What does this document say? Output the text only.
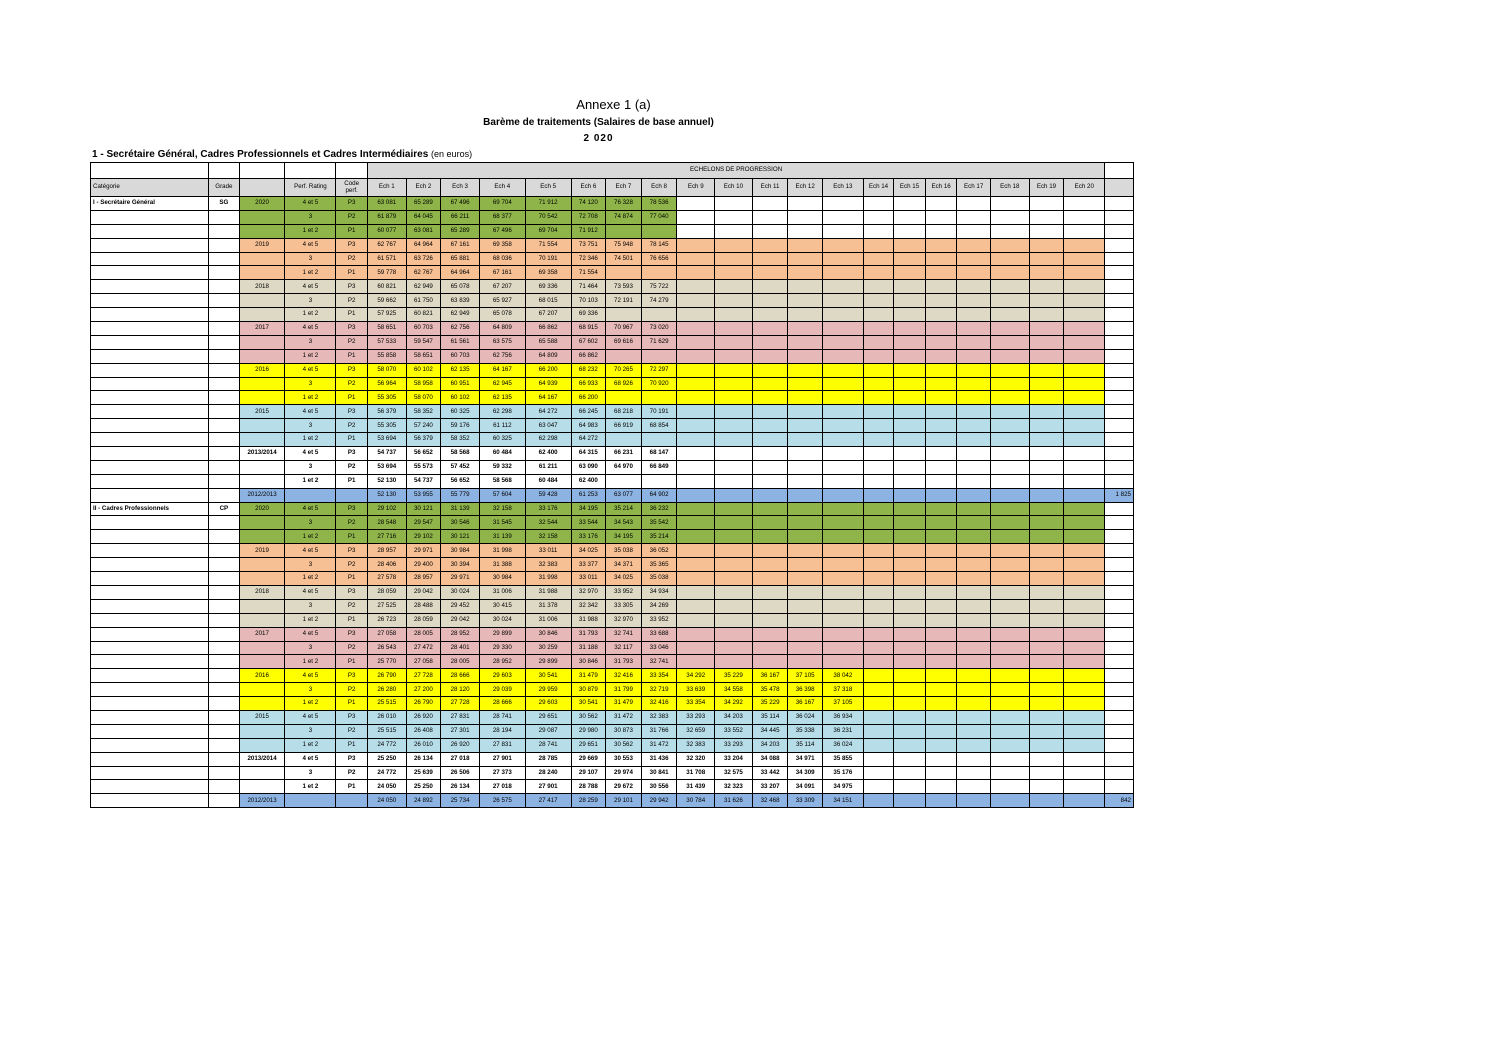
Annexe 1 (a)
Barème de traitements (Salaires de base annuel)
2 020
1 - Secrétaire Général, Cadres Professionnels et Cadres Intermédiaires (en euros)
					ECHELONS DE PROGRESSION																				
Catégorie	Grade		Perf. Rating	Code perf.	Ech 1	Ech 2	Ech 3	Ech 4	Ech 5	Ech 6	Ech 7	Ech 8	Ech 9	Ech 10	Ech 11	Ech 12	Ech 13	Ech 14	Ech 15	Ech 16	Ech 17	Ech 18	Ech 19	Ech 20	
I - Secrétaire Général	SG	2020	4 et 5	P3	63 081	65 289	67 496	69 704	71 912	74 120	76 328	78 536													
			3	P2	61 879	64 045	66 211	68 377	70 542	72 708	74 874	77 040													
			1 et 2	P1	60 077	63 081	65 289	67 496	69 704	71 912															
		2019	4 et 5	P3	62 767	64 964	67 161	69 358	71 554	73 751	75 948	78 145													
			3	P2	61 571	63 726	65 881	68 036	70 191	72 346	74 501	76 656													
			1 et 2	P1	59 778	62 767	64 964	67 161	69 358	71 554															
		2018	4 et 5	P3	60 821	62 949	65 078	67 207	69 336	71 464	73 593	75 722													
			3	P2	59 662	61 750	63 839	65 927	68 015	70 103	72 191	74 279													
			1 et 2	P1	57 925	60 821	62 949	65 078	67 207	69 336															
		2017	4 et 5	P3	58 651	60 703	62 756	64 809	66 862	68 915	70 967	73 020													
			3	P2	57 533	59 547	61 561	63 575	65 588	67 602	69 616	71 629													
			1 et 2	P1	55 858	58 651	60 703	62 756	64 809	66 862															
		2016	4 et 5	P3	58 070	60 102	62 135	64 167	66 200	68 232	70 265	72 297													
			3	P2	56 964	58 958	60 951	62 945	64 939	66 933	68 926	70 920													
			1 et 2	P1	55 305	58 070	60 102	62 135	64 167	66 200															
		2015	4 et 5	P3	56 379	58 352	60 325	62 298	64 272	66 245	68 218	70 191													
			3	P2	55 305	57 240	59 176	61 112	63 047	64 983	66 919	68 854													
			1 et 2	P1	53 694	56 379	58 352	60 325	62 298	64 272															
		2013/2014	4 et 5	P3	54 737	56 652	58 568	60 484	62 400	64 315	66 231	68 147													
			3	P2	53 694	55 573	57 452	59 332	61 211	63 090	64 970	66 849													
			1 et 2	P1	52 130	54 737	56 652	58 568	60 484	62 400															
		2012/2013			52 130	53 955	55 779	57 604	59 428	61 253	63 077	64 902													1 825
II - Cadres Professionnels	CP	2020	4 et 5	P3	29 102	30 121	31 139	32 158	33 176	34 195	35 214	36 232													
			3	P2	28 548	29 547	30 546	31 545	32 544	33 544	34 543	35 542													
			1 et 2	P1	27 716	29 102	30 121	31 139	32 158	33 176	34 195	35 214													
		2019	4 et 5	P3	28 957	29 971	30 984	31 998	33 011	34 025	35 038	36 052													
			3	P2	28 406	29 400	30 394	31 388	32 383	33 377	34 371	35 365													
			1 et 2	P1	27 578	28 957	29 971	30 984	31 998	33 011	34 025	35 038													
		2018	4 et 5	P3	28 059	29 042	30 024	31 006	31 988	32 970	33 952	34 934													
			3	P2	27 525	28 488	29 452	30 415	31 378	32 342	33 305	34 269													
			1 et 2	P1	26 723	28 059	29 042	30 024	31 006	31 988	32 970	33 952													
		2017	4 et 5	P3	27 058	28 005	28 952	29 899	30 846	31 793	32 741	33 688													
			3	P2	26 543	27 472	28 401	29 330	30 259	31 188	32 117	33 046													
			1 et 2	P1	25 770	27 058	28 005	28 952	29 899	30 846	31 793	32 741													
		2016	4 et 5	P3	26 790	27 728	28 666	29 603	30 541	31 479	32 416	33 354	34 292	35 229	36 167	37 105	38 042								
			3	P2	26 280	27 200	28 120	29 039	29 959	30 879	31 799	32 719	33 639	34 558	35 478	36 398	37 318								
			1 et 2	P1	25 515	26 790	27 728	28 666	29 603	30 541	31 479	32 416	33 354	34 292	35 229	36 167	37 105								
		2015	4 et 5	P3	26 010	26 920	27 831	28 741	29 651	30 562	31 472	32 383	33 293	34 203	35 114	36 024	36 934								
			3	P2	25 515	26 408	27 301	28 194	29 087	29 980	30 873	31 766	32 659	33 552	34 445	35 338	36 231								
			1 et 2	P1	24 772	26 010	26 920	27 831	28 741	29 651	30 562	31 472	32 383	33 293	34 203	35 114	36 024								
		2013/2014	4 et 5	P3	25 250	26 134	27 018	27 901	28 785	29 669	30 553	31 436	32 320	33 204	34 088	34 971	35 855								
			3	P2	24 772	25 639	26 506	27 373	28 240	29 107	29 974	30 841	31 708	32 575	33 442	34 309	35 176								
			1 et 2	P1	24 050	25 250	26 134	27 018	27 901	28 788	29 672	30 556	31 439	32 323	33 207	34 091	34 975								
		2012/2013			24 050	24 892	25 734	26 575	27 417	28 259	29 101	29 942	30 784	31 626	32 468	33 309	34 151								842
